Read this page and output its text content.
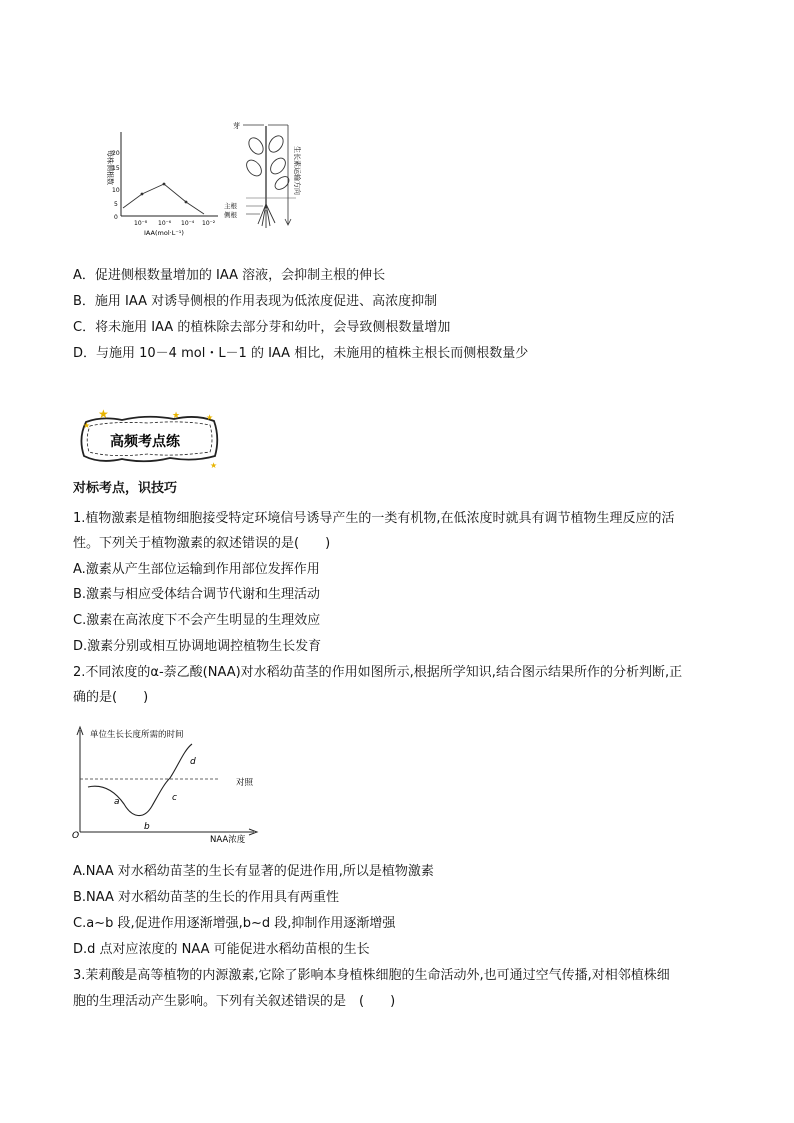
每株侧根数
20
15
10
5
0
10⁻⁸ 10⁻⁶ 10⁻⁴ 10⁻²
IAA(mol·L⁻¹)
芽
主根
侧根
生长素运输方向
A．促进侧根数量增加的 IAA 溶液，会抑制主根的伸长
B．施用 IAA 对诱导侧根的作用表现为低浓度促进、高浓度抑制
C．将未施用 IAA 的植株除去部分芽和幼叶，会导致侧根数量增加
D．与施用 10－4 mol・L－1 的 IAA 相比，未施用的植株主根长而侧根数量少
★
★
★	★
★
高频考点练
对标考点，识技巧
1.植物激素是植物细胞接受特定环境信号诱导产生的一类有机物,在低浓度时就具有调节植物生理反应的活
性。下列关于植物激素的叙述错误的是(　　)
A.激素从产生部位运输到作用部位发挥作用
B.激素与相应受体结合调节代谢和生理活动
C.激素在高浓度下不会产生明显的生理效应
D.激素分别或相互协调地调控植物生长发育
2.不同浓度的α-萘乙酸(NAA)对水稻幼苗茎的作用如图所示,根据所学知识,结合图示结果所作的分析判断,正
确的是(　　)
单位生长长度所需的时间
NAA浓度
O
对照
a
b
c
d
A.NAA 对水稻幼苗茎的生长有显著的促进作用,所以是植物激素
B.NAA 对水稻幼苗茎的生长的作用具有两重性
C.a~b 段,促进作用逐渐增强,b~d 段,抑制作用逐渐增强
D.d 点对应浓度的 NAA 可能促进水稻幼苗根的生长
3.茉莉酸是高等植物的内源激素,它除了影响本身植株细胞的生命活动外,也可通过空气传播,对相邻植株细
胞的生理活动产生影响。下列有关叙述错误的是　(　　)
